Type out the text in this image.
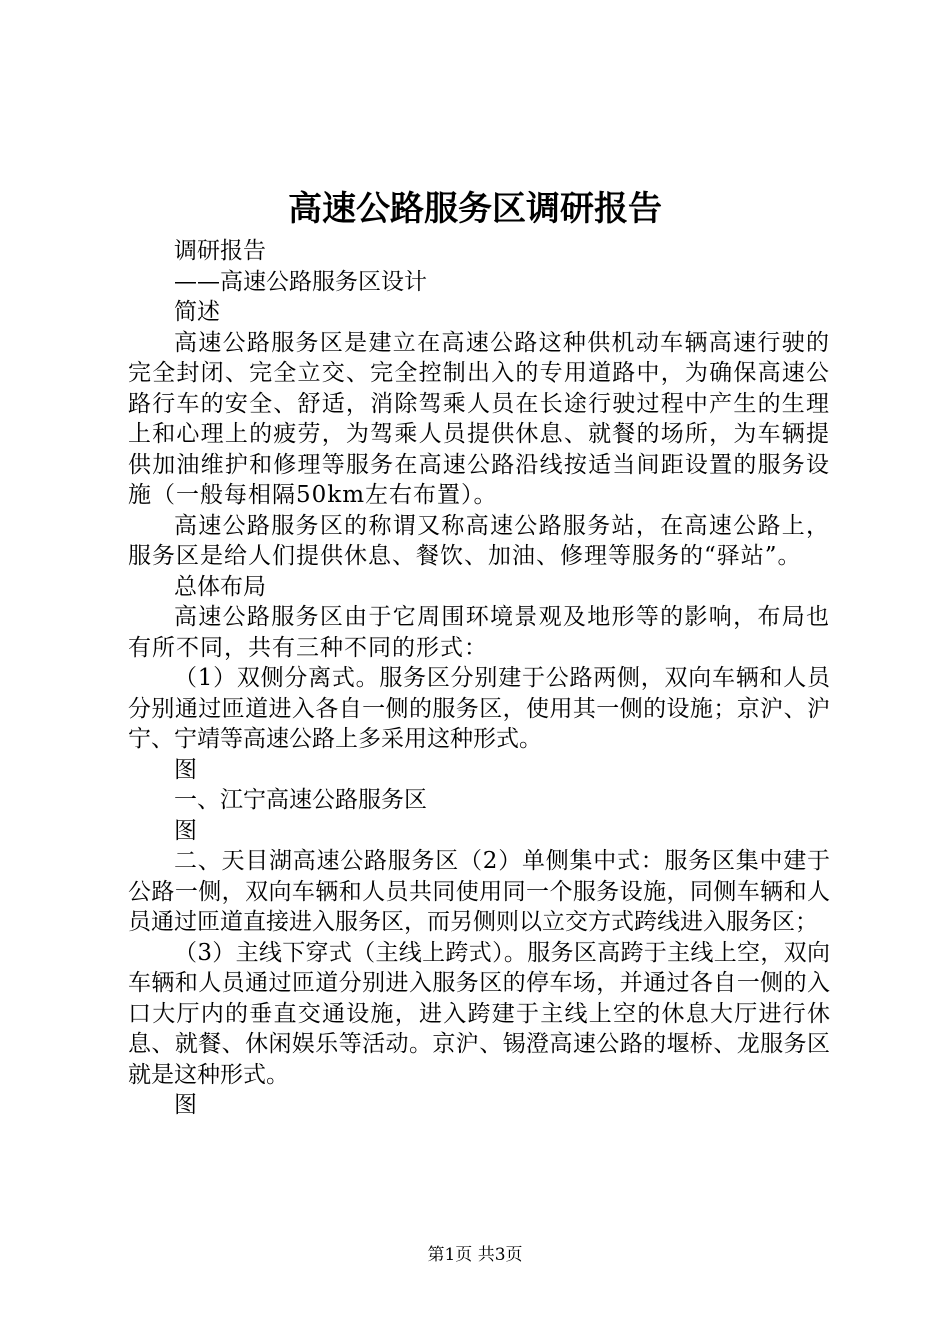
高速公路服务区调研报告

调研报告

——高速公路服务区设计

简述

高速公路服务区是建立在高速公路这种供机动车辆高速行驶的完全封闭、完全立交、完全控制出入的专用道路中，为确保高速公路行车的安全、舒适，消除驾乘人员在长途行驶过程中产生的生理上和心理上的疲劳，为驾乘人员提供休息、就餐的场所，为车辆提供加油维护和修理等服务在高速公路沿线按适当间距设置的服务设施（一般每相隔50km左右布置）。

高速公路服务区的称谓又称高速公路服务站，在高速公路上，服务区是给人们提供休息、餐饮、加油、修理等服务的“驿站”。

总体布局

高速公路服务区由于它周围环境景观及地形等的影响，布局也有所不同，共有三种不同的形式：

（1）双侧分离式。服务区分别建于公路两侧，双向车辆和人员分别通过匝道进入各自一侧的服务区，使用其一侧的设施；京沪、沪宁、宁靖等高速公路上多采用这种形式。

图

一、江宁高速公路服务区

图

二、天目湖高速公路服务区（2）单侧集中式：服务区集中建于公路一侧，双向车辆和人员共同使用同一个服务设施，同侧车辆和人员通过匝道直接进入服务区，而另侧则以立交方式跨线进入服务区；

（3）主线下穿式（主线上跨式）。服务区高跨于主线上空，双向车辆和人员通过匝道分别进入服务区的停车场，并通过各自一侧的入口大厅内的垂直交通设施，进入跨建于主线上空的休息大厅进行休息、就餐、休闲娱乐等活动。京沪、锡澄高速公路的堰桥、龙服务区就是这种形式。

图

第1页 共3页
